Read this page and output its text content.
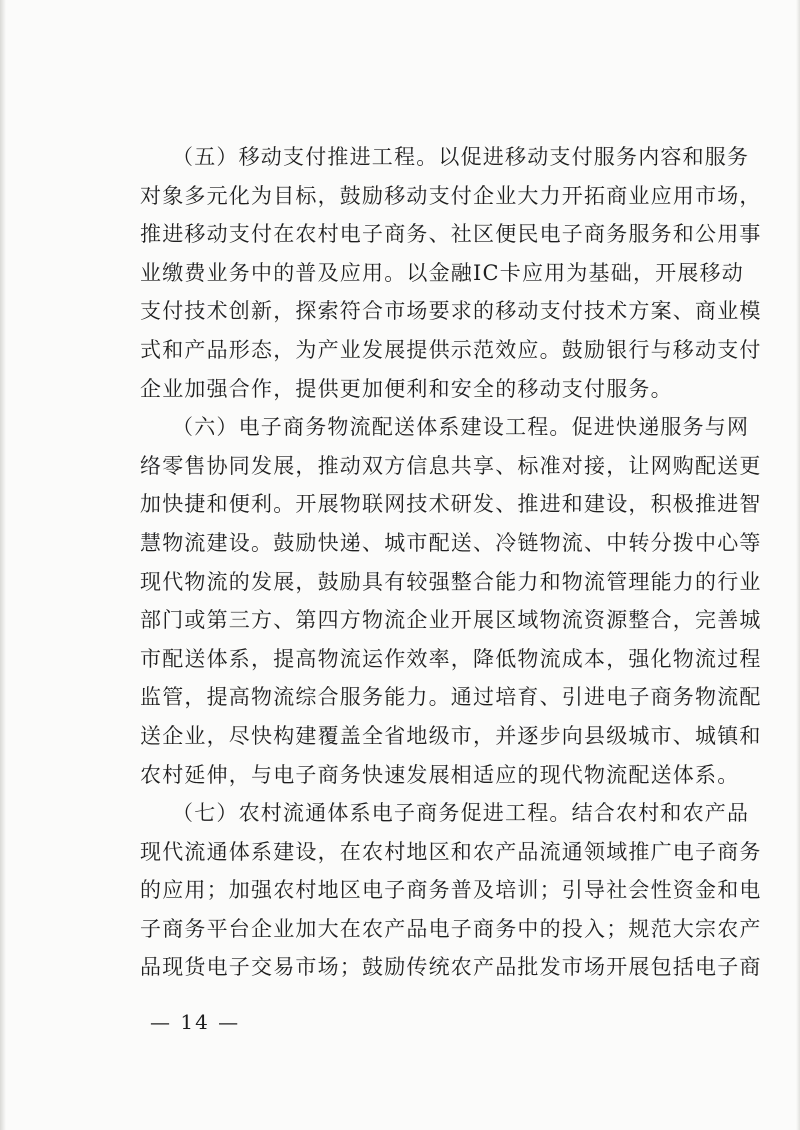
（五）移动支付推进工程。以促进移动支付服务内容和服务
对象多元化为目标，鼓励移动支付企业大力开拓商业应用市场，
推进移动支付在农村电子商务、社区便民电子商务服务和公用事
业缴费业务中的普及应用。以金融IC卡应用为基础，开展移动
支付技术创新，探索符合市场要求的移动支付技术方案、商业模
式和产品形态，为产业发展提供示范效应。鼓励银行与移动支付
企业加强合作，提供更加便利和安全的移动支付服务。
（六）电子商务物流配送体系建设工程。促进快递服务与网
络零售协同发展，推动双方信息共享、标准对接，让网购配送更
加快捷和便利。开展物联网技术研发、推进和建设，积极推进智
慧物流建设。鼓励快递、城市配送、冷链物流、中转分拨中心等
现代物流的发展，鼓励具有较强整合能力和物流管理能力的行业
部门或第三方、第四方物流企业开展区域物流资源整合，完善城
市配送体系，提高物流运作效率，降低物流成本，强化物流过程
监管，提高物流综合服务能力。通过培育、引进电子商务物流配
送企业，尽快构建覆盖全省地级市，并逐步向县级城市、城镇和
农村延伸，与电子商务快速发展相适应的现代物流配送体系。
（七）农村流通体系电子商务促进工程。结合农村和农产品
现代流通体系建设，在农村地区和农产品流通领域推广电子商务
的应用；加强农村地区电子商务普及培训；引导社会性资金和电
子商务平台企业加大在农产品电子商务中的投入；规范大宗农产
品现货电子交易市场；鼓励传统农产品批发市场开展包括电子商
— 14 —
